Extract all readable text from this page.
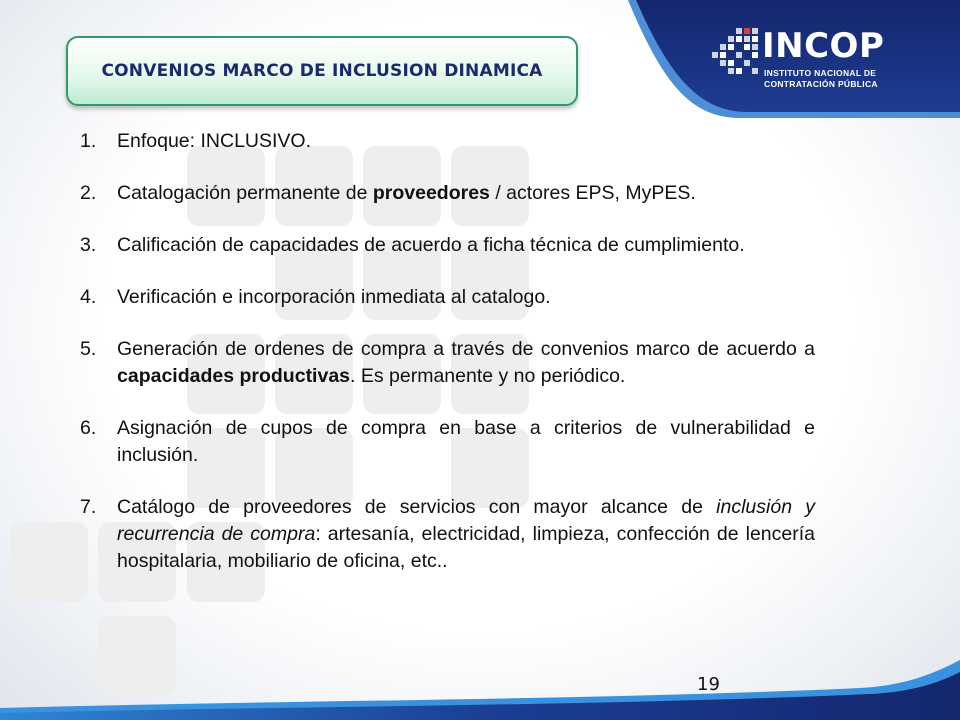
INCOP
INSTITUTO NACIONAL DE
CONTRATACIÓN PÚBLICA
CONVENIOS MARCO DE INCLUSION DINAMICA
1.	Enfoque: INCLUSIVO.
2.	Catalogación permanente de proveedores / actores EPS, MyPES.
3.	Calificación de capacidades de acuerdo a ficha técnica de cumplimiento.
4.	Verificación e incorporación inmediata al catalogo.
5.	Generación de ordenes de compra a través de convenios marco de acuerdo a capacidades productivas. Es permanente y no periódico.
6.	Asignación de cupos de compra en base a criterios de vulnerabilidad e inclusión.
7.	Catálogo de proveedores de servicios con mayor alcance de inclusión y recurrencia de compra: artesanía, electricidad, limpieza, confección de lencería hospitalaria, mobiliario de oficina, etc..
19
